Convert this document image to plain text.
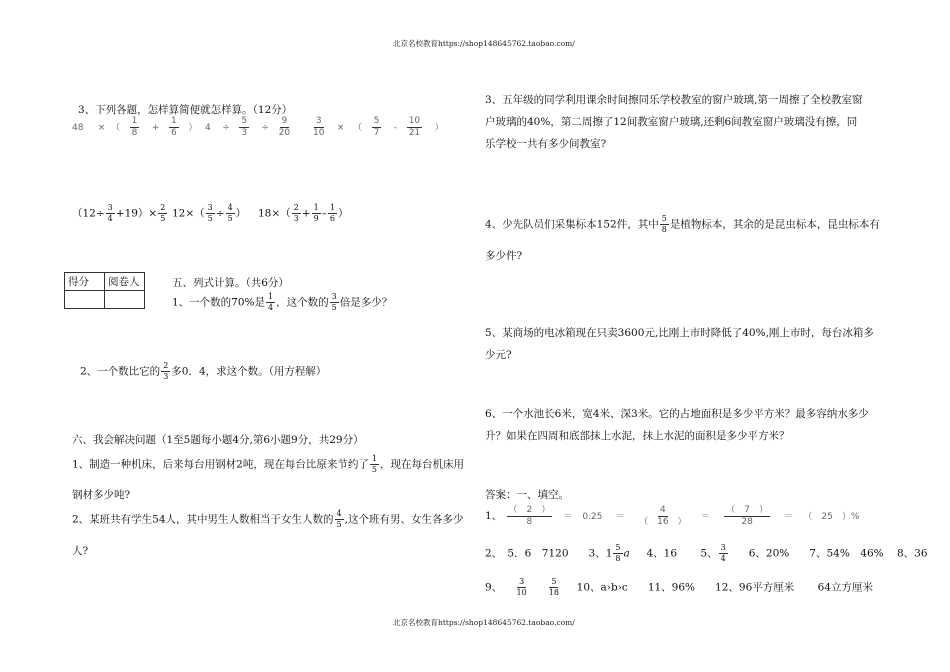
北京名校教育https://shop148645762.taobao.com/
北京名校教育https://shop148645762.taobao.com/
3、下列各题，怎样算简便就怎样算。（12分）
48 × （ $\frac{1}{8} + \frac{1}{6}$ ） $4 \div \frac{5}{3} \div \frac{9}{20}$	$\frac{3}{10}$ × （ $\frac{5}{7} - \frac{10}{21}$ ）
$(12\div \frac{3}{4} +19)\times \frac{2}{5} 12\times( \frac{3}{5} \div \frac{4}{5}$ ） $18\times( \frac{2}{3} + \frac{1}{9} - \frac{1}{6}$ ）
得分	阅卷人
		五、列式计算。（共6分）
1、一个数的70%是 $\frac{1}{4}$ ，这个数的 $\frac{3}{5}$ 倍是多少？
2、一个数比它的 $\frac{2}{3}$ 多0．4，求这个数。（用方程解）
六、我会解决问题（1至5题每小题4分,第6小题9分，共29分）
1、制造一种机床，后来每台用钢材2吨，现在每台比原来节约了 $\frac{1}{5}$ ，现在每台机床用
钢材多少吨?
2、某班共有学生54人，其中男生人数相当于女生人数的 $\frac{4}{5}$ ,这个班有男、女生各多少
人?
3、五年级的同学利用课余时间擦同乐学校教室的窗户玻璃,第一周擦了全校教室窗
户玻璃的40%，第二周擦了12间教室窗户玻璃,还剩6间教室窗户玻璃没有擦，同
乐学校一共有多少间教室?
4、少先队员们采集标本152件，其中 $\frac{5}{8}$ 是植物标本，其余的是昆虫标本，昆虫标本有
多少件?
5、某商场的电冰箱现在只卖3600元,比刚上市时降低了40%,刚上市时，每台冰箱多
少元?
6、一个水池长6米，宽4米、深3米。它的占地面积是多少平方米？最多容纳水多少
升？如果在四周和底部抹上水泥，抹上水泥的面积是多少平方米？
答案：一、填空。
1、 $\frac{( 2 )}{8} = 0.25 = \frac{4}{( 16 )} = \frac{( 7 )}{28}$ ＝ （　25　）%
2、　5．6　7120 3、$1 \frac{5}{8}$ a 4、16 5、 $\frac{3}{4} 6$、20% 7、54%　46% 8、36
9、 $\frac{3}{10}$
	$\frac{5}{18} 10$、a›b›c 11、96% 12、96平方厘米 64立方厘米
